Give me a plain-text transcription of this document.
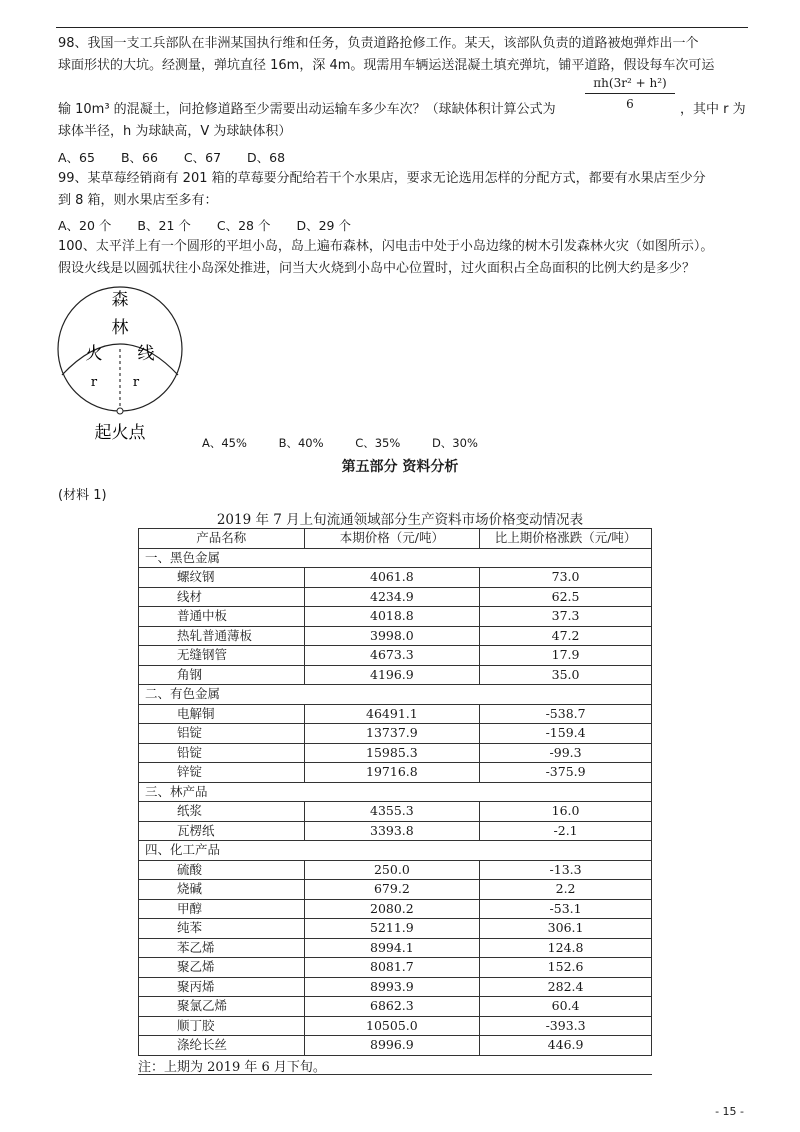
98、我国一支工兵部队在非洲某国执行维和任务，负责道路抢修工作。某天，该部队负责的道路被炮弹炸出一个
球面形状的大坑。经测量，弹坑直径 16m，深 4m。现需用车辆运送混凝土填充弹坑，铺平道路，假设每车次可运
$\frac{\text{πh(3r² + h²)}}{6}$
输 10m³ 的混凝土，问抢修道路至少需要出动运输车多少车次？（球缺体积计算公式为	，其中 r 为
球体半径，h 为球缺高，V 为球缺体积）
A、65 B、66 C、67 D、68
99、某草莓经销商有 201 箱的草莓要分配给若干个水果店，要求无论选用怎样的分配方式，都要有水果店至少分
到 8 箱，则水果店至多有：
A、20 个 B、21 个 C、28 个 D、29 个
100、太平洋上有一个圆形的平坦小岛，岛上遍布森林，闪电击中处于小岛边缘的树木引发森林火灾（如图所示）。
假设火线是以圆弧状往小岛深处推进，问当大火烧到小岛中心位置时，过火面积占全岛面积的比例大约是多少？
森
林
火 线
r	r
起火点	A、45%	B、40%	C、35%	D、30%
第五部分 资料分析
(材料 1)
2019 年 7 月上旬流通领域部分生产资料市场价格变动情况表
产品名称	本期价格（元/吨）	比上期价格涨跌（元/吨）
一、黑色金属		
螺纹钢	4061.8	73.0
线材	4234.9	62.5
普通中板	4018.8	37.3
热轧普通薄板	3998.0	47.2
无缝钢管	4673.3	17.9
角钢	4196.9	35.0
二、有色金属		
电解铜	46491.1	-538.7
铝锭	13737.9	-159.4
铅锭	15985.3	-99.3
锌锭	19716.8	-375.9
三、林产品		
纸浆	4355.3	16.0
瓦楞纸	3393.8	-2.1
四、化工产品		
硫酸	250.0	-13.3
烧碱	679.2	2.2
甲醇	2080.2	-53.1
纯苯	5211.9	306.1
苯乙烯	8994.1	124.8
聚乙烯	8081.7	152.6
聚丙烯	8993.9	282.4
聚氯乙烯	6862.3	60.4
顺丁胶	10505.0	-393.3
涤纶长丝	8996.9	446.9
注：上期为 2019 年 6 月下旬。
- 15 -
